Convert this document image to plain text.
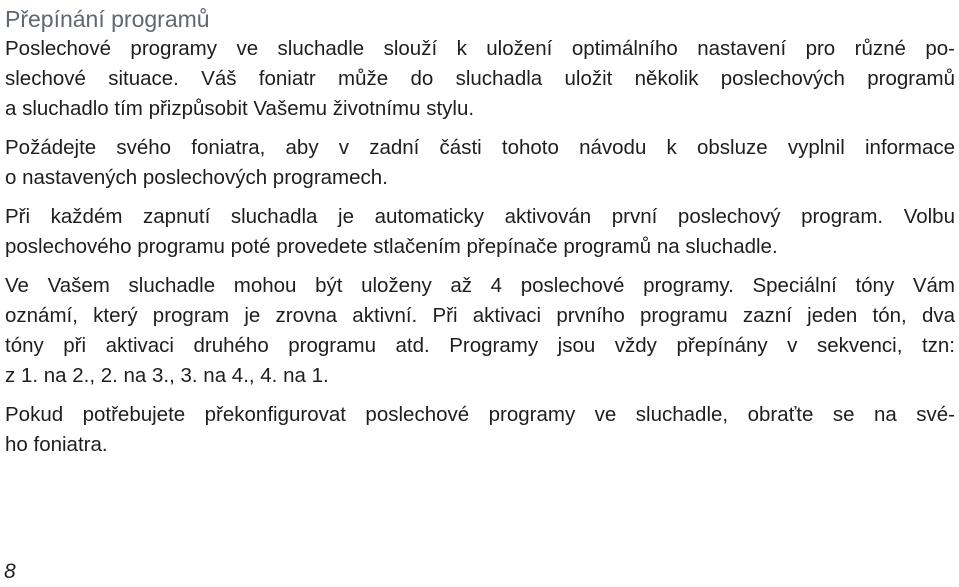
Přepínání programů
Poslechové programy ve sluchadle slouží k uložení optimálního nastavení pro různé po-
slechové situace. Váš foniatr může do sluchadla uložit několik poslechových programů
a sluchadlo tím přizpůsobit Vašemu životnímu stylu.
Požádejte svého foniatra, aby v zadní části tohoto návodu k obsluze vyplnil informace
o nastavených poslechových programech.
Při každém zapnutí sluchadla je automaticky aktivován první poslechový program. Volbu
poslechového programu poté provedete stlačením přepínače programů na sluchadle.
Ve Vašem sluchadle mohou být uloženy až 4 poslechové programy. Speciální tóny Vám
oznámí, který program je zrovna aktivní. Při aktivaci prvního programu zazní jeden tón, dva
tóny při aktivaci druhého programu atd. Programy jsou vždy přepínány v sekvenci, tzn:
z 1. na 2., 2. na 3., 3. na 4., 4. na 1.
Pokud potřebujete překonfigurovat poslechové programy ve sluchadle, obraťte se na své-
ho foniatra.
8
